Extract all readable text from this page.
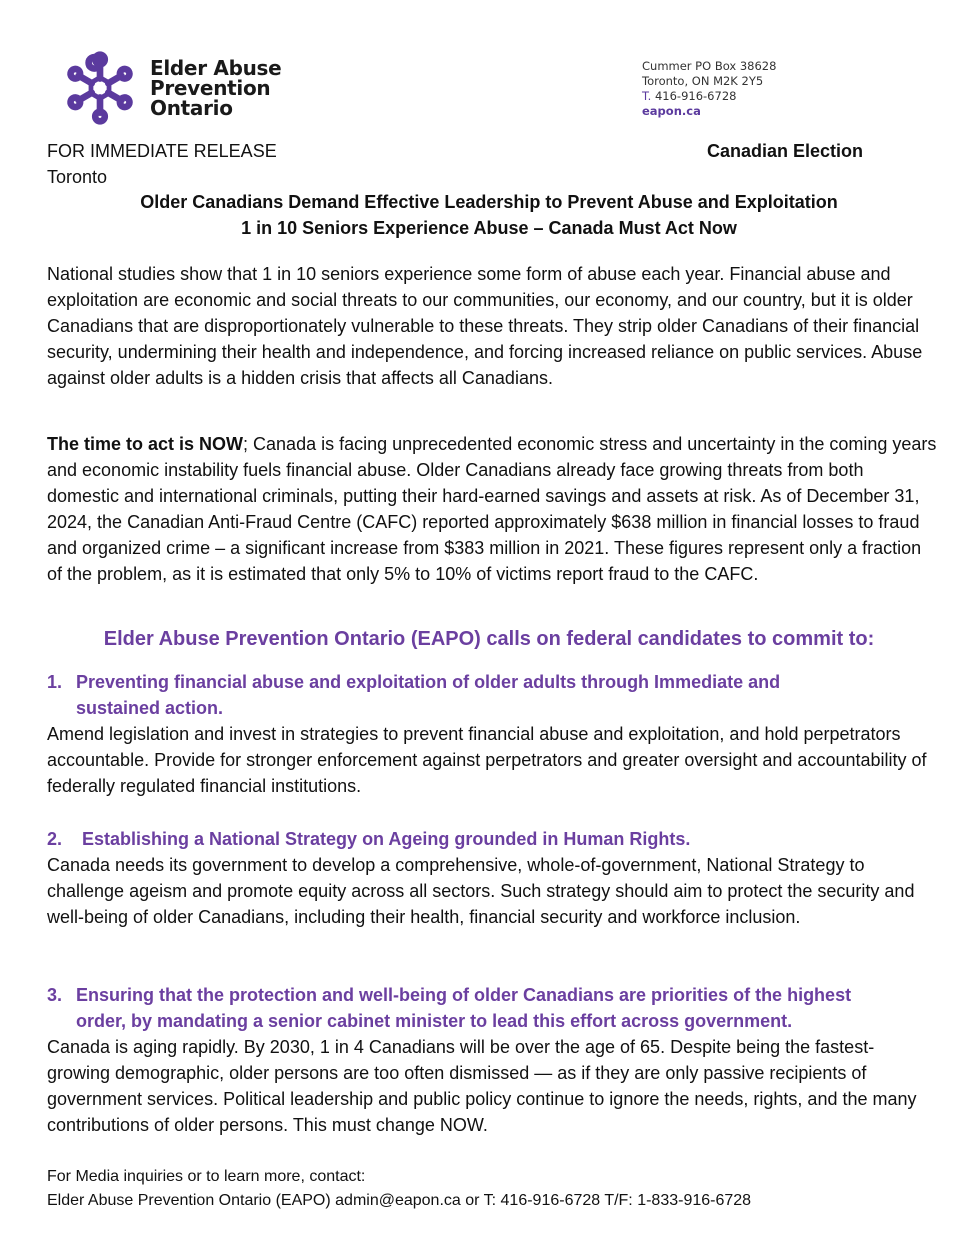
Elder Abuse
Prevention
Ontario
Cummer PO Box 38628
Toronto, ON M2K 2Y5
T. 416-916-6728
eapon.ca
FOR IMMEDIATE RELEASE	Canadian Election
Toronto
Older Canadians Demand Effective Leadership to Prevent Abuse and Exploitation
1 in 10 Seniors Experience Abuse – Canada Must Act Now

National studies show that 1 in 10 seniors experience some form of abuse each year. Financial abuse and exploitation are economic and social threats to our communities, our economy, and our country, but it is older Canadians that are disproportionately vulnerable to these threats. They strip older Canadians of their financial security, undermining their health and independence, and forcing increased reliance on public services. Abuse against older adults is a hidden crisis that affects all Canadians.

The time to act is NOW; Canada is facing unprecedented economic stress and uncertainty in the coming years and economic instability fuels financial abuse. Older Canadians already face growing threats from both domestic and international criminals, putting their hard-earned savings and assets at risk. As of December 31, 2024, the Canadian Anti-Fraud Centre (CAFC) reported approximately $638 million in financial losses to fraud and organized crime – a significant increase from $383 million in 2021. These figures represent only a fraction of the problem, as it is estimated that only 5% to 10% of victims report fraud to the CAFC.

Elder Abuse Prevention Ontario (EAPO) calls on federal candidates to commit to:
1. Preventing financial abuse and exploitation of older adults through Immediate and
sustained action.

Amend legislation and invest in strategies to prevent financial abuse and exploitation, and hold perpetrators accountable. Provide for stronger enforcement against perpetrators and greater oversight and accountability of federally regulated financial institutions.

2. Establishing a National Strategy on Ageing grounded in Human Rights.

Canada needs its government to develop a comprehensive, whole-of-government, National Strategy to challenge ageism and promote equity across all sectors. Such strategy should aim to protect the security and well-being of older Canadians, including their health, financial security and workforce inclusion.

3. Ensuring that the protection and well-being of older Canadians are priorities of the highest
order, by mandating a senior cabinet minister to lead this effort across government.

Canada is aging rapidly. By 2030, 1 in 4 Canadians will be over the age of 65. Despite being the fastest-growing demographic, older persons are too often dismissed — as if they are only passive recipients of government services. Political leadership and public policy continue to ignore the needs, rights, and the many contributions of older persons. This must change NOW.

For Media inquiries or to learn more, contact:
Elder Abuse Prevention Ontario (EAPO) admin@eapon.ca or T: 416-916-6728 T/F: 1-833-916-6728
